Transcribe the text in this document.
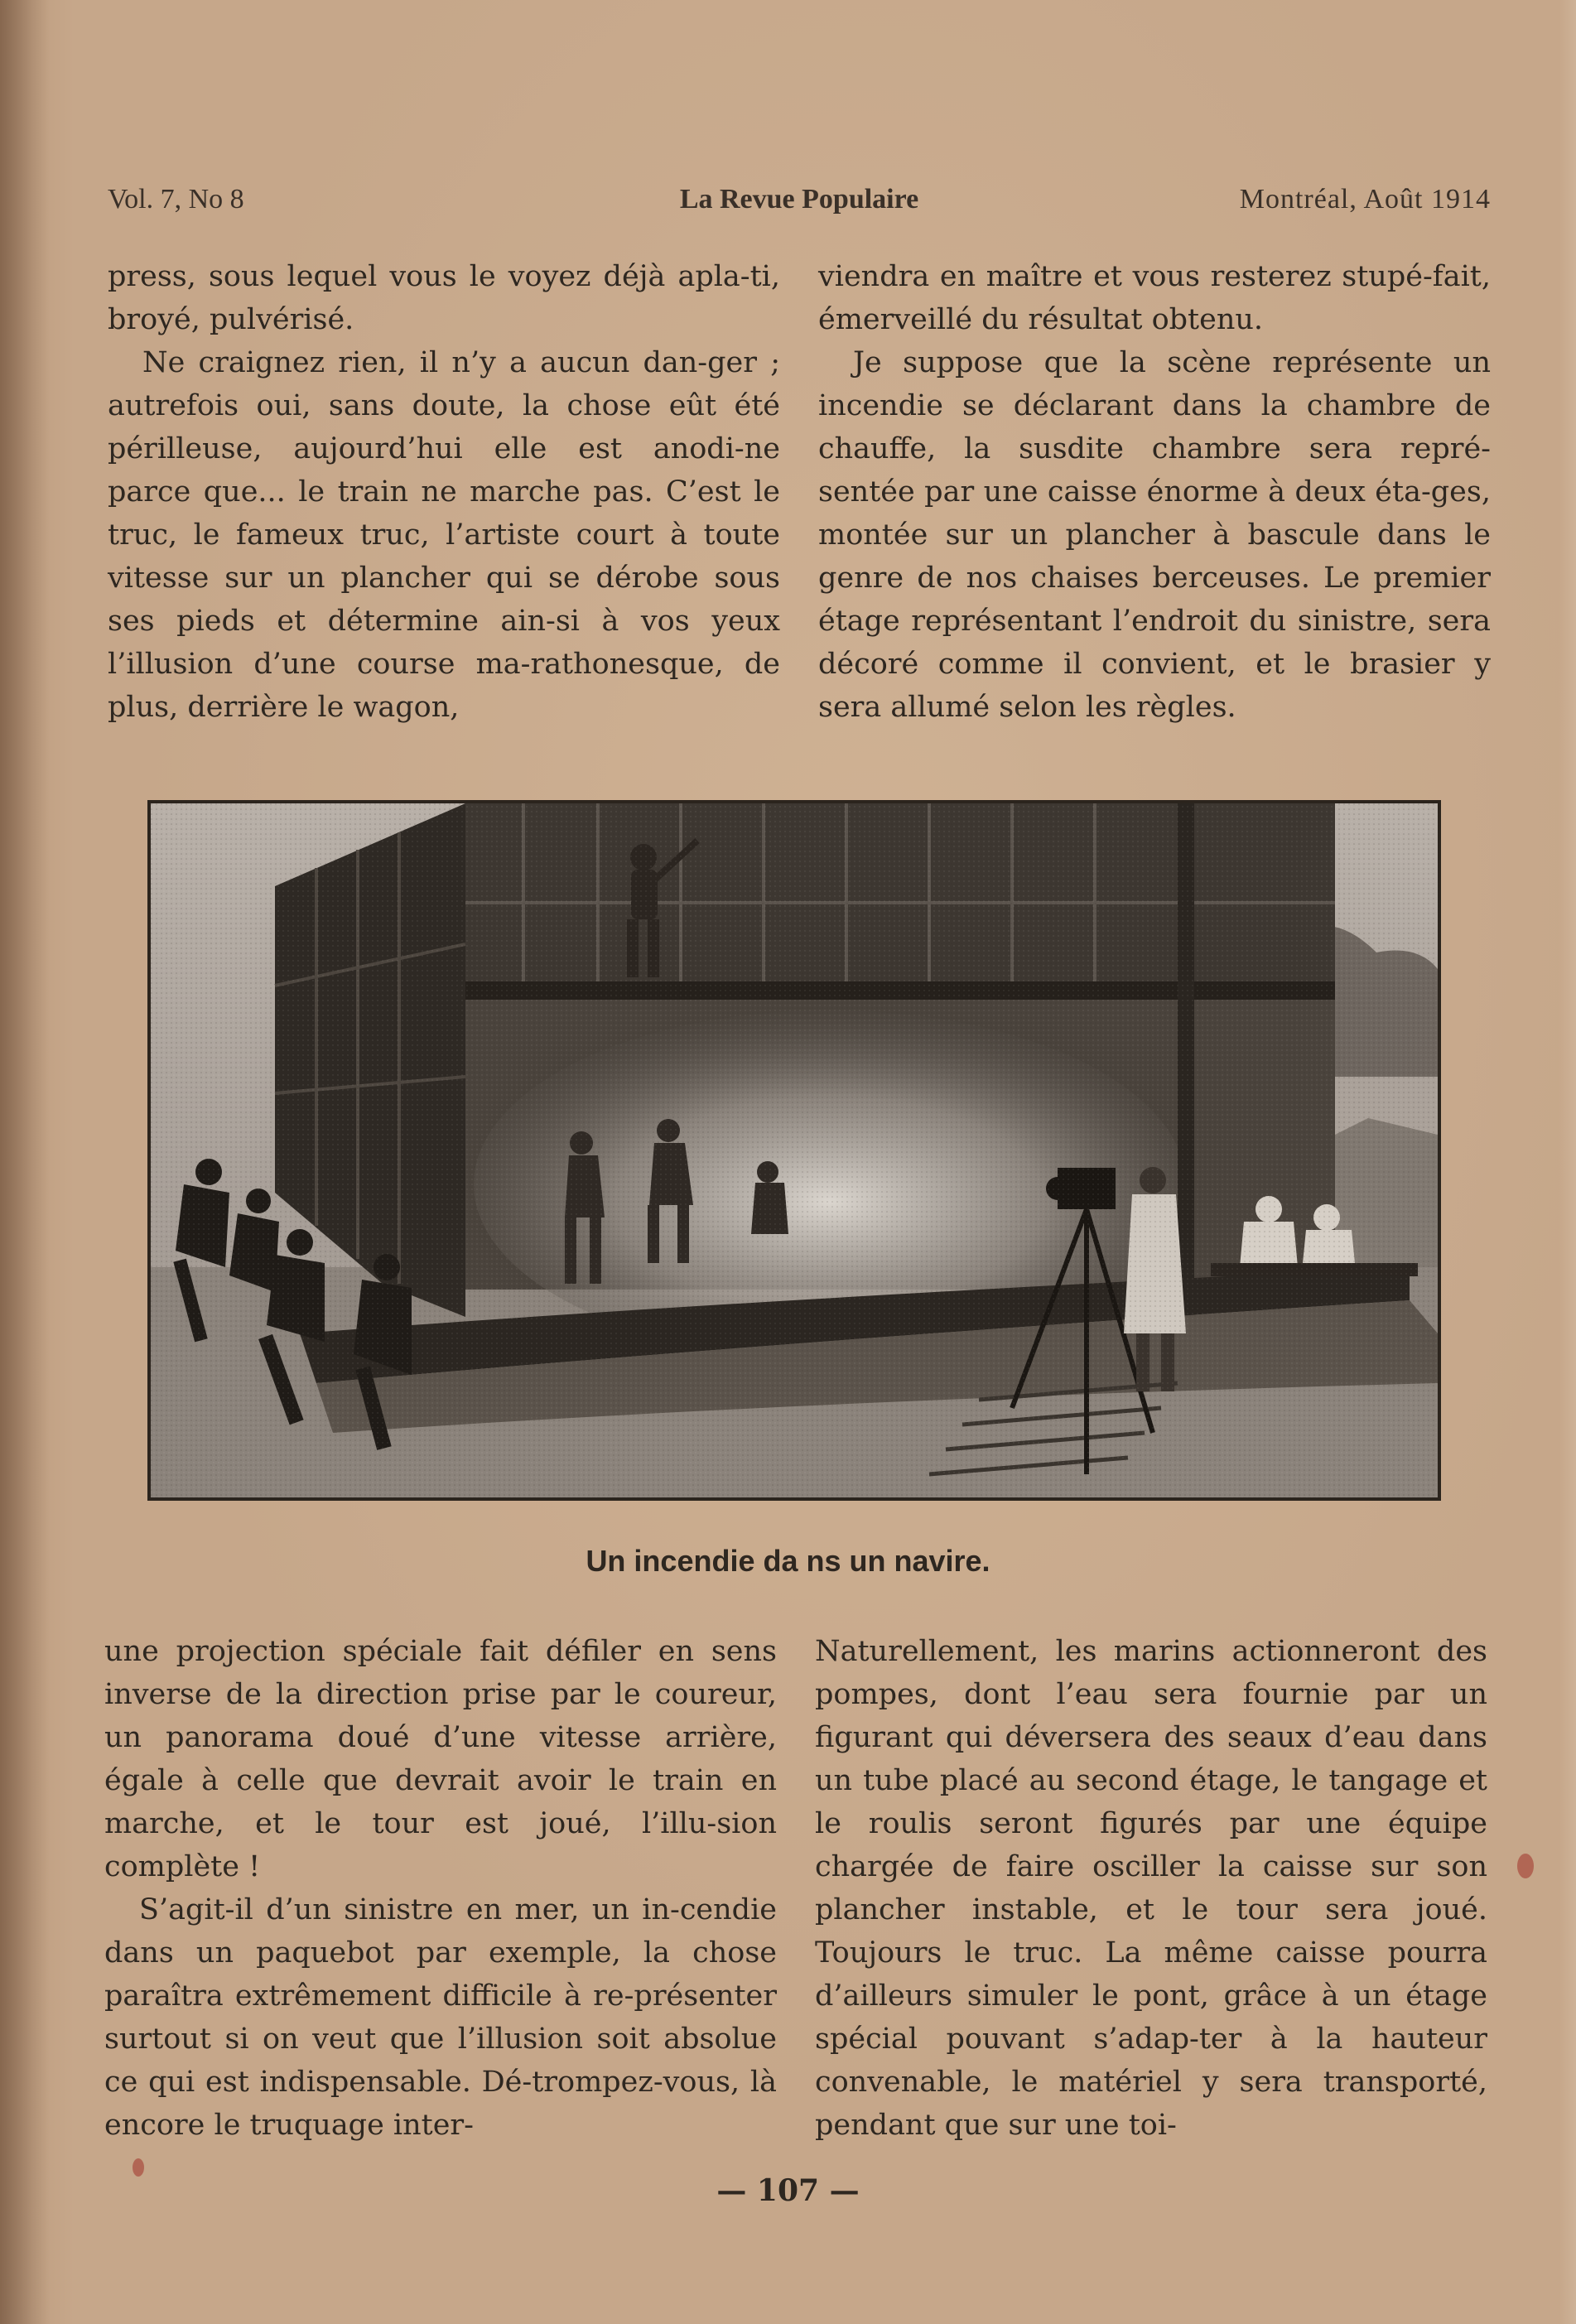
Vol. 7, No 8	La Revue Populaire	Montréal, Août 1914

press, sous lequel vous le voyez déjà apla-ti, broyé, pulvérisé.

Ne craignez rien, il n’y a aucun dan-ger ; autrefois oui, sans doute, la chose eût été périlleuse, aujourd’hui elle est anodi-ne parce que... le train ne marche pas. C’est le truc, le fameux truc, l’artiste court à toute vitesse sur un plancher qui se dérobe sous ses pieds et détermine ain-si à vos yeux l’illusion d’une course ma-rathonesque, de plus, derrière le wagon,

viendra en maître et vous resterez stupé-fait, émerveillé du résultat obtenu.

Je suppose que la scène représente un incendie se déclarant dans la chambre de chauffe, la susdite chambre sera repré-sentée par une caisse énorme à deux éta-ges, montée sur un plancher à bascule dans le genre de nos chaises berceuses. Le premier étage représentant l’endroit du sinistre, sera décoré comme il convient, et le brasier y sera allumé selon les règles.

Un incendie da ns un navire.

une projection spéciale fait défiler en sens inverse de la direction prise par le coureur, un panorama doué d’une vitesse arrière, égale à celle que devrait avoir le train en marche, et le tour est joué, l’illu-sion complète !

S’agit-il d’un sinistre en mer, un in-cendie dans un paquebot par exemple, la chose paraîtra extrêmement difficile à re-présenter surtout si on veut que l’illusion soit absolue ce qui est indispensable. Dé-trompez-vous, là encore le truquage inter-

Naturellement, les marins actionneront des pompes, dont l’eau sera fournie par un figurant qui déversera des seaux d’eau dans un tube placé au second étage, le tangage et le roulis seront figurés par une équipe chargée de faire osciller la caisse sur son plancher instable, et le tour sera joué. Toujours le truc. La même caisse pourra d’ailleurs simuler le pont, grâce à un étage spécial pouvant s’adap-ter à la hauteur convenable, le matériel y sera transporté, pendant que sur une toi-

— 107 —
